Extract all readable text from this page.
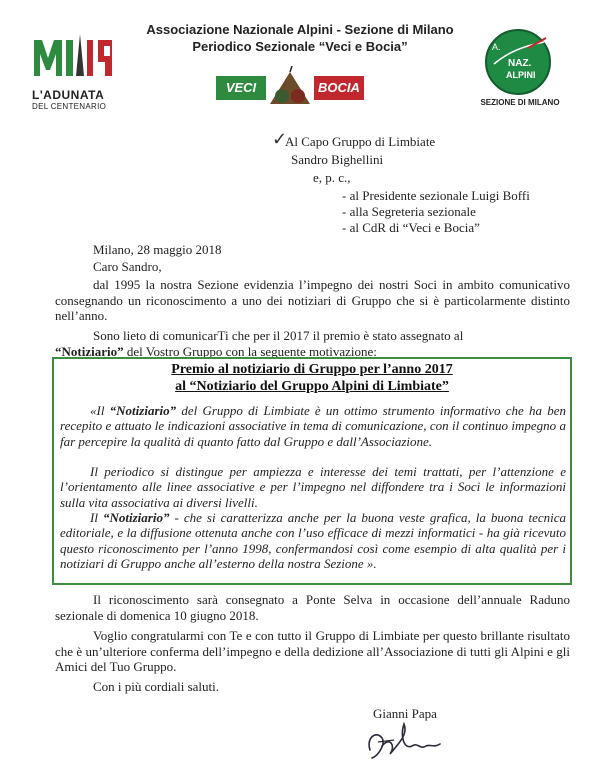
L'ADUNATA
DEL CENTENARIO
Associazione Nazionale Alpini - Sezione di Milano
Periodico Sezionale “Veci e Bocia”
VECI	BOCIA
A.
NAZ.
ALPINI
SEZIONE DI MILANO
✓
Al Capo Gruppo di Limbiate
Sandro Bighellini
e, p. c.,
- al Presidente sezionale Luigi Boffi
- alla Segreteria sezionale
- al CdR di “Veci e Bocia”
Milano, 28 maggio 2018
Caro Sandro,
dal 1995 la nostra Sezione evidenzia l’impegno dei nostri Soci in ambito comunicativo consegnando un riconoscimento a uno dei notiziari di Gruppo che si è particolarmente distinto nell’anno.
Sono lieto di comunicarTi che per il 2017 il premio è stato assegnato al
“Notiziario” del Vostro Gruppo con la seguente motivazione:
Premio al notiziario di Gruppo per l’anno 2017
al “Notiziario del Gruppo Alpini di Limbiate”
«Il “Notiziario” del Gruppo di Limbiate è un ottimo strumento informativo che ha ben recepito e attuato le indicazioni associative in tema di comunicazione, con il continuo impegno a far percepire la qualità di quanto fatto dal Gruppo e dall’Associazione.
Il periodico si distingue per ampiezza e interesse dei temi trattati, per l’attenzione e l’orientamento alle linee associative e per l’impegno nel diffondere tra i Soci le informazioni sulla vita associativa ai diversi livelli.
Il “Notiziario” - che si caratterizza anche per la buona veste grafica, la buona tecnica editoriale, e la diffusione ottenuta anche con l’uso efficace di mezzi informatici - ha già ricevuto questo riconoscimento per l’anno 1998, confermandosi così come esempio di alta qualità per i notiziari di Gruppo anche all’esterno della nostra Sezione ».
Il riconoscimento sarà consegnato a Ponte Selva in occasione dell’annuale Raduno sezionale di domenica 10 giugno 2018.
Voglio congratularmi con Te e con tutto il Gruppo di Limbiate per questo brillante risultato che è un’ulteriore conferma dell’impegno e della dedizione all’Associazione di tutti gli Alpini e gli Amici del Tuo Gruppo.
Con i più cordiali saluti.
Gianni Papa
